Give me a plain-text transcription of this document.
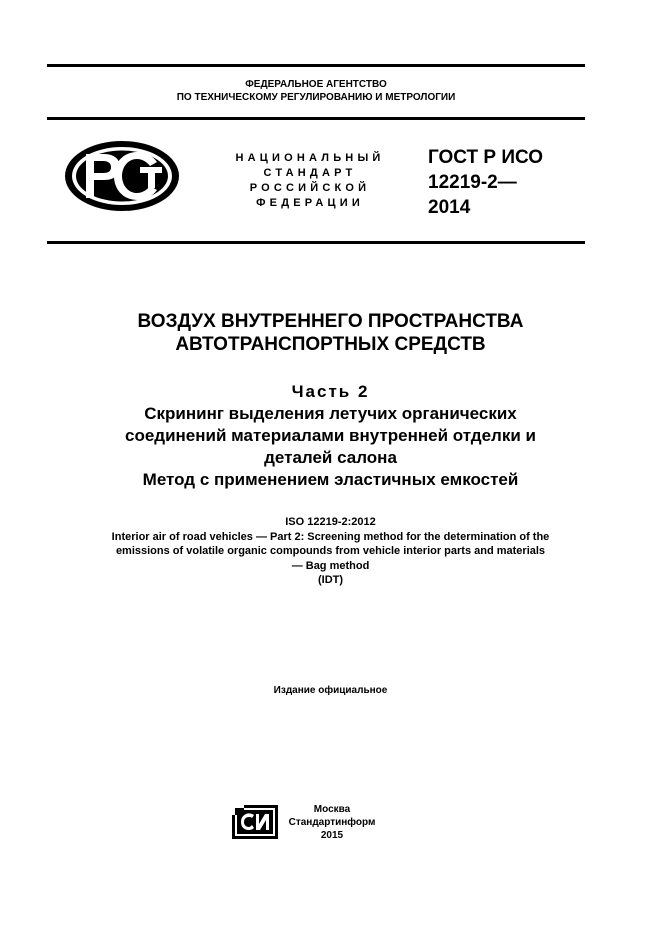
ФЕДЕРАЛЬНОЕ АГЕНТСТВО
ПО ТЕХНИЧЕСКОМУ РЕГУЛИРОВАНИЮ И МЕТРОЛОГИИ
НАЦИОНАЛЬНЫЙ
СТАНДАРТ
РОССИЙСКОЙ
ФЕДЕРАЦИИ
ГОСТ Р ИСО
12219-2—
2014
ВОЗДУХ ВНУТРЕННЕГО ПРОСТРАНСТВА
АВТОТРАНСПОРТНЫХ СРЕДСТВ
Часть 2
Скрининг выделения летучих органических
соединений материалами внутренней отделки и
деталей салона
Метод с применением эластичных емкостей
ISO 12219-2:2012
Interior air of road vehicles — Part 2: Screening method for the determination of the
emissions of volatile organic compounds from vehicle interior parts and materials
— Bag method
(IDT)
Издание официальное
Москва
Стандартинформ
2015
